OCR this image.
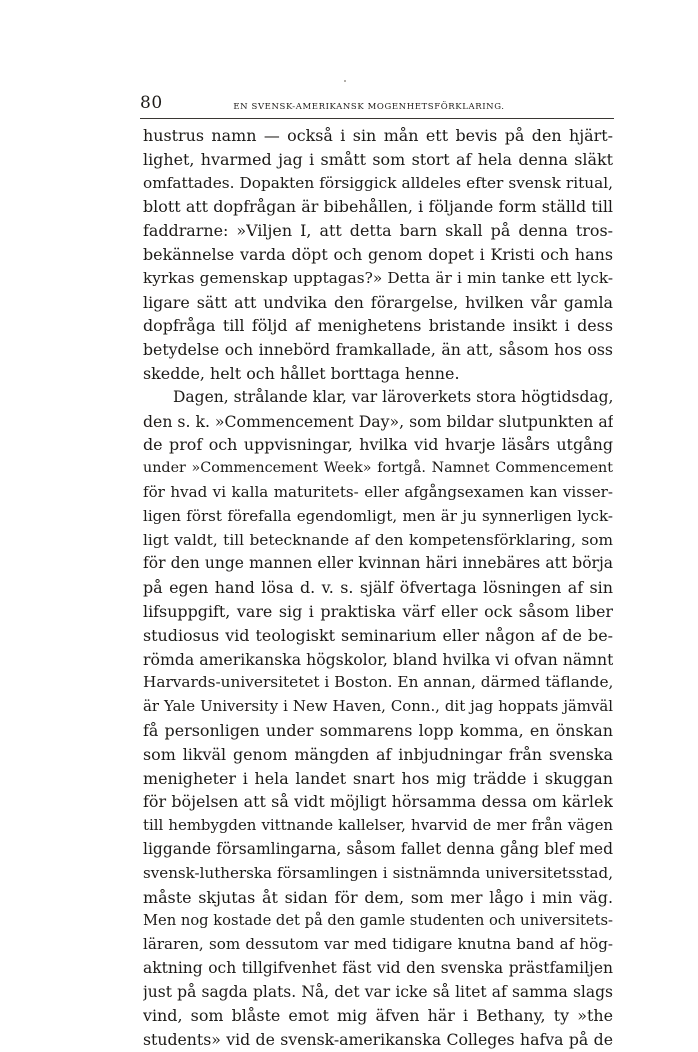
80	EN SVENSK-AMERIKANSK MOGENHETSFÖRKLARING.
hustrus namn — också i sin mån ett bevis på den hjärt-
lighet, hvarmed jag i smått som stort af hela denna släkt
omfattades. Dopakten försiggick alldeles efter svensk ritual,
blott att dopfrågan är bibehållen, i följande form ställd till
faddrarne: »Viljen I, att detta barn skall på denna tros-
bekännelse varda döpt och genom dopet i Kristi och hans
kyrkas gemenskap upptagas?» Detta är i min tanke ett lyck-
ligare sätt att undvika den förargelse, hvilken vår gamla
dopfråga till följd af menighetens bristande insikt i dess
betydelse och innebörd framkallade, än att, såsom hos oss
skedde, helt och hållet borttaga henne.
Dagen, strålande klar, var läroverkets stora högtidsdag,
den s. k. »Commencement Day», som bildar slutpunkten af
de prof och uppvisningar, hvilka vid hvarje läsårs utgång
under »Commencement Week» fortgå. Namnet Commencement
för hvad vi kalla maturitets- eller afgångsexamen kan visser-
ligen först förefalla egendomligt, men är ju synnerligen lyck-
ligt valdt, till betecknande af den kompetensförklaring, som
för den unge mannen eller kvinnan häri innebäres att börja
på egen hand lösa d. v. s. själf öfvertaga lösningen af sin
lifsuppgift, vare sig i praktiska värf eller ock såsom liber
studiosus vid teologiskt seminarium eller någon af de be-
römda amerikanska högskolor, bland hvilka vi ofvan nämnt
Harvards-universitetet i Boston. En annan, därmed täflande,
är Yale University i New Haven, Conn., dit jag hoppats jämväl
få personligen under sommarens lopp komma, en önskan
som likväl genom mängden af inbjudningar från svenska
menigheter i hela landet snart hos mig trädde i skuggan
för böjelsen att så vidt möjligt hörsamma dessa om kärlek
till hembygden vittnande kallelser, hvarvid de mer från vägen
liggande församlingarna, såsom fallet denna gång blef med
svensk-lutherska församlingen i sistnämnda universitetsstad,
måste skjutas åt sidan för dem, som mer lågo i min väg.
Men nog kostade det på den gamle studenten och universitets-
läraren, som dessutom var med tidigare knutna band af hög-
aktning och tillgifvenhet fäst vid den svenska prästfamiljen
just på sagda plats. Nå, det var icke så litet af samma slags
vind, som blåste emot mig äfven här i Bethany, ty »the
students» vid de svensk-amerikanska Colleges hafva på de
